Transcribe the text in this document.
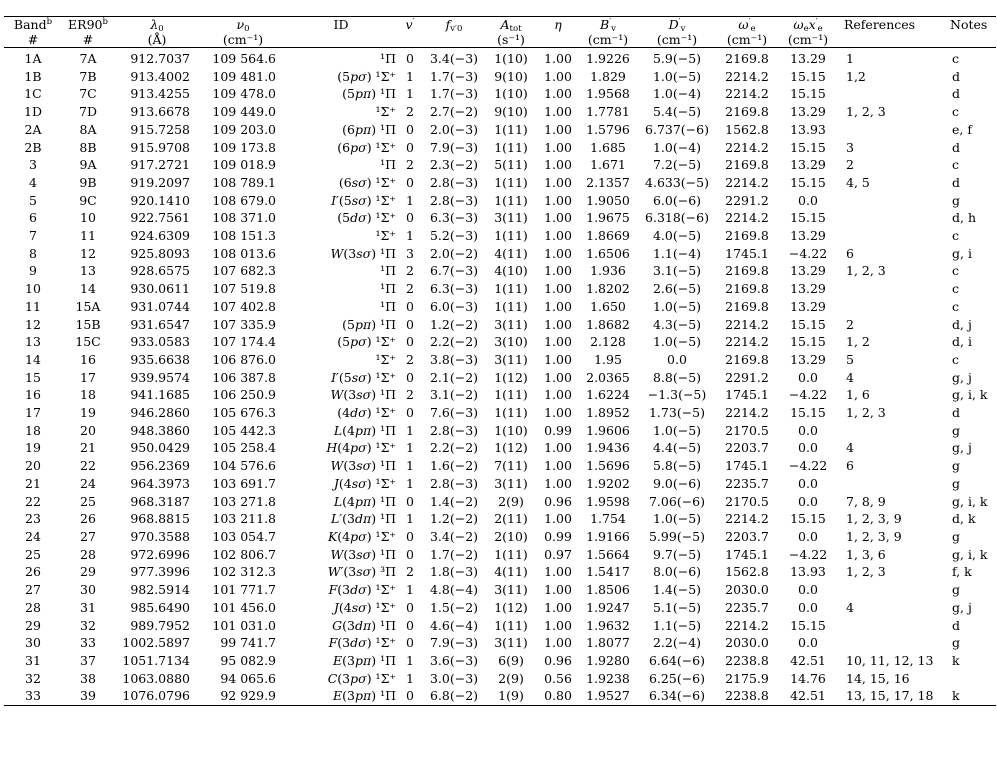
Band$^b$	ER90$^b$	$\lambda_0$	$\nu_0$	ID	v′	$f_{v'0}$	$A_{tot}$	η	$B'_v$	$D'_v$	$\omega'_e$	$\omega_ex'_e$	References	Notes
#	#	(Å)	(cm⁻¹)				(s⁻¹)		(cm⁻¹)	(cm⁻¹)	(cm⁻¹)	(cm⁻¹)		
1A	7A	912.7037	109 564.6	¹Π	0	3.4(−3)	1(10)	1.00	1.9226	5.9(−5)	2169.8	13.29	1	c
1B	7B	913.4002	109 481.0	(5pσ) ¹Σ⁺	1	1.7(−3)	9(10)	1.00	1.829	1.0(−5)	2214.2	15.15	1,2	d
1C	7C	913.4255	109 478.0	(5pπ) ¹Π	1	1.7(−3)	1(10)	1.00	1.9568	1.0(−4)	2214.2	15.15		d
1D	7D	913.6678	109 449.0	¹Σ⁺	2	2.7(−2)	9(10)	1.00	1.7781	5.4(−5)	2169.8	13.29	1, 2, 3	c
2A	8A	915.7258	109 203.0	(6pπ) ¹Π	0	2.0(−3)	1(11)	1.00	1.5796	6.737(−6)	1562.8	13.93		e, f
2B	8B	915.9708	109 173.8	(6pσ) ¹Σ⁺	0	7.9(−3)	1(11)	1.00	1.685	1.0(−4)	2214.2	15.15	3	d
3	9A	917.2721	109 018.9	¹Π	2	2.3(−2)	5(11)	1.00	1.671	7.2(−5)	2169.8	13.29	2	c
4	9B	919.2097	108 789.1	(6sσ) ¹Σ⁺	0	2.8(−3)	1(11)	1.00	2.1357	4.633(−5)	2214.2	15.15	4, 5	d
5	9C	920.1410	108 679.0	I′(5sσ) ¹Σ⁺	1	2.8(−3)	1(11)	1.00	1.9050	6.0(−6)	2291.2	0.0		g
6	10	922.7561	108 371.0	(5dσ) ¹Σ⁺	0	6.3(−3)	3(11)	1.00	1.9675	6.318(−6)	2214.2	15.15		d, h
7	11	924.6309	108 151.3	¹Σ⁺	1	5.2(−3)	1(11)	1.00	1.8669	4.0(−5)	2169.8	13.29		c
8	12	925.8093	108 013.6	W(3sσ) ¹Π	3	2.0(−2)	4(11)	1.00	1.6506	1.1(−4)	1745.1	−4.22	6	g, i
9	13	928.6575	107 682.3	¹Π	2	6.7(−3)	4(10)	1.00	1.936	3.1(−5)	2169.8	13.29	1, 2, 3	c
10	14	930.0611	107 519.8	¹Π	2	6.3(−3)	1(11)	1.00	1.8202	2.6(−5)	2169.8	13.29		c
11	15A	931.0744	107 402.8	¹Π	0	6.0(−3)	1(11)	1.00	1.650	1.0(−5)	2169.8	13.29		c
12	15B	931.6547	107 335.9	(5pπ) ¹Π	0	1.2(−2)	3(11)	1.00	1.8682	4.3(−5)	2214.2	15.15	2	d, j
13	15C	933.0583	107 174.4	(5pσ) ¹Σ⁺	0	2.2(−2)	3(10)	1.00	2.128	1.0(−5)	2214.2	15.15	1, 2	d, i
14	16	935.6638	106 876.0	¹Σ⁺	2	3.8(−3)	3(11)	1.00	1.95	0.0	2169.8	13.29	5	c
15	17	939.9574	106 387.8	I′(5sσ) ¹Σ⁺	0	2.1(−2)	1(12)	1.00	2.0365	8.8(−5)	2291.2	0.0	4	g, j
16	18	941.1685	106 250.9	W(3sσ) ¹Π	2	3.1(−2)	1(11)	1.00	1.6224	−1.3(−5)	1745.1	−4.22	1, 6	g, i, k
17	19	946.2860	105 676.3	(4dσ) ¹Σ⁺	0	7.6(−3)	1(11)	1.00	1.8952	1.73(−5)	2214.2	15.15	1, 2, 3	d
18	20	948.3860	105 442.3	L(4pπ) ¹Π	1	2.8(−3)	1(10)	0.99	1.9606	1.0(−5)	2170.5	0.0		g
19	21	950.0429	105 258.4	H(4pσ) ¹Σ⁺	1	2.2(−2)	1(12)	1.00	1.9436	4.4(−5)	2203.7	0.0	4	g, j
20	22	956.2369	104 576.6	W(3sσ) ¹Π	1	1.6(−2)	7(11)	1.00	1.5696	5.8(−5)	1745.1	−4.22	6	g
21	24	964.3973	103 691.7	J(4sσ) ¹Σ⁺	1	2.8(−3)	3(11)	1.00	1.9202	9.0(−6)	2235.7	0.0		g
22	25	968.3187	103 271.8	L(4pπ) ¹Π	0	1.4(−2)	2(9)	0.96	1.9598	7.06(−6)	2170.5	0.0	7, 8, 9	g, i, k
23	26	968.8815	103 211.8	L′(3dπ) ¹Π	1	1.2(−2)	2(11)	1.00	1.754	1.0(−5)	2214.2	15.15	1, 2, 3, 9	d, k
24	27	970.3588	103 054.7	K(4pσ) ¹Σ⁺	0	3.4(−2)	2(10)	0.99	1.9166	5.99(−5)	2203.7	0.0	1, 2, 3, 9	g
25	28	972.6996	102 806.7	W(3sσ) ¹Π	0	1.7(−2)	1(11)	0.97	1.5664	9.7(−5)	1745.1	−4.22	1, 3, 6	g, i, k
26	29	977.3996	102 312.3	W′(3sσ) ³Π	2	1.8(−3)	4(11)	1.00	1.5417	8.0(−6)	1562.8	13.93	1, 2, 3	f, k
27	30	982.5914	101 771.7	F(3dσ) ¹Σ⁺	1	4.8(−4)	3(11)	1.00	1.8506	1.4(−5)	2030.0	0.0		g
28	31	985.6490	101 456.0	J(4sσ) ¹Σ⁺	0	1.5(−2)	1(12)	1.00	1.9247	5.1(−5)	2235.7	0.0	4	g, j
29	32	989.7952	101 031.0	G(3dπ) ¹Π	0	4.6(−4)	1(11)	1.00	1.9632	1.1(−5)	2214.2	15.15		d
30	33	1002.5897	99 741.7	F(3dσ) ¹Σ⁺	0	7.9(−3)	3(11)	1.00	1.8077	2.2(−4)	2030.0	0.0		g
31	37	1051.7134	95 082.9	E(3pπ) ¹Π	1	3.6(−3)	6(9)	0.96	1.9280	6.64(−6)	2238.8	42.51	10, 11, 12, 13	k
32	38	1063.0880	94 065.6	C(3pσ) ¹Σ⁺	1	3.0(−3)	2(9)	0.56	1.9238	6.25(−6)	2175.9	14.76	14, 15, 16	
33	39	1076.0796	92 929.9	E(3pπ) ¹Π	0	6.8(−2)	1(9)	0.80	1.9527	6.34(−6)	2238.8	42.51	13, 15, 17, 18	k
